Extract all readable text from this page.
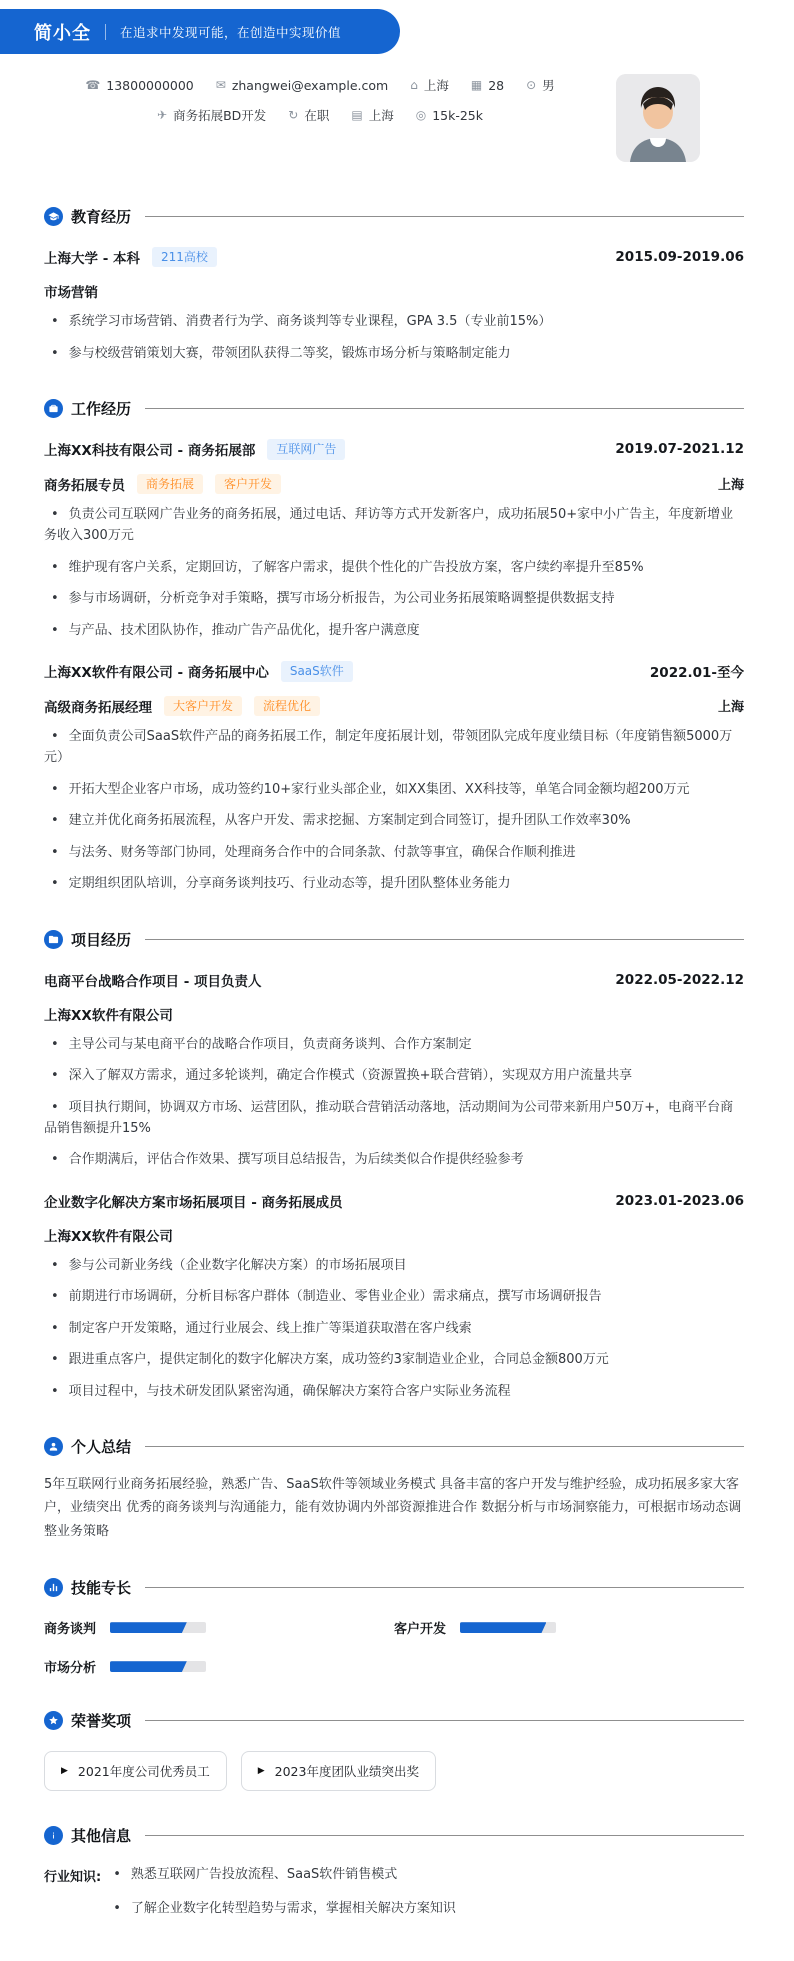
简小全 在追求中发现可能，在创造中实现价值
☎ 13800000000 ✉ zhangwei@example.com ⌂ 上海 ▦ 28 ⊙ 男
✈ 商务拓展BD开发 ↻ 在职 ▤ 上海 ◎ 15k-25k
教育经历
上海大学 - 本科	211高校	2015.09-2019.06
市场营销

• 系统学习市场营销、消费者行为学、商务谈判等专业课程，GPA 3.5（专业前15%）

• 参与校级营销策划大赛，带领团队获得二等奖，锻炼市场分析与策略制定能力

工作经历
上海XX科技有限公司 - 商务拓展部	互联网广告	2019.07-2021.12
商务拓展专员	商务拓展	客户开发	上海

• 负责公司互联网广告业务的商务拓展，通过电话、拜访等方式开发新客户，成功拓展50+家中小广告主，年度新增业务收入300万元

• 维护现有客户关系，定期回访，了解客户需求，提供个性化的广告投放方案，客户续约率提升至85%

• 参与市场调研，分析竞争对手策略，撰写市场分析报告，为公司业务拓展策略调整提供数据支持

• 与产品、技术团队协作，推动广告产品优化，提升客户满意度

上海XX软件有限公司 - 商务拓展中心	SaaS软件	2022.01-至今
高级商务拓展经理	大客户开发	流程优化	上海

• 全面负责公司SaaS软件产品的商务拓展工作，制定年度拓展计划，带领团队完成年度业绩目标（年度销售额5000万元）

• 开拓大型企业客户市场，成功签约10+家行业头部企业，如XX集团、XX科技等，单笔合同金额均超200万元

• 建立并优化商务拓展流程，从客户开发、需求挖掘、方案制定到合同签订，提升团队工作效率30%

• 与法务、财务等部门协同，处理商务合作中的合同条款、付款等事宜，确保合作顺利推进

• 定期组织团队培训，分享商务谈判技巧、行业动态等，提升团队整体业务能力

项目经历
电商平台战略合作项目 - 项目负责人	2022.05-2022.12
上海XX软件有限公司

• 主导公司与某电商平台的战略合作项目，负责商务谈判、合作方案制定

• 深入了解双方需求，通过多轮谈判，确定合作模式（资源置换+联合营销），实现双方用户流量共享

• 项目执行期间，协调双方市场、运营团队，推动联合营销活动落地，活动期间为公司带来新用户50万+，电商平台商品销售额提升15%

• 合作期满后，评估合作效果、撰写项目总结报告，为后续类似合作提供经验参考

企业数字化解决方案市场拓展项目 - 商务拓展成员	2023.01-2023.06
上海XX软件有限公司

• 参与公司新业务线（企业数字化解决方案）的市场拓展项目

• 前期进行市场调研，分析目标客户群体（制造业、零售业企业）需求痛点，撰写市场调研报告

• 制定客户开发策略，通过行业展会、线上推广等渠道获取潜在客户线索

• 跟进重点客户，提供定制化的数字化解决方案，成功签约3家制造业企业，合同总金额800万元

• 项目过程中，与技术研发团队紧密沟通，确保解决方案符合客户实际业务流程

个人总结

5年互联网行业商务拓展经验，熟悉广告、SaaS软件等领域业务模式 具备丰富的客户开发与维护经验，成功拓展多家大客户，业绩突出 优秀的商务谈判与沟通能力，能有效协调内外部资源推进合作 数据分析与市场洞察能力，可根据市场动态调整业务策略

技能专长
商务谈判	客户开发
市场分析
荣誉奖项
▶ 2021年度公司优秀员工	▶ 2023年度团队业绩突出奖
其他信息
行业知识:	• 熟悉互联网广告投放流程、SaaS软件销售模式

• 了解企业数字化转型趋势与需求，掌握相关解决方案知识
